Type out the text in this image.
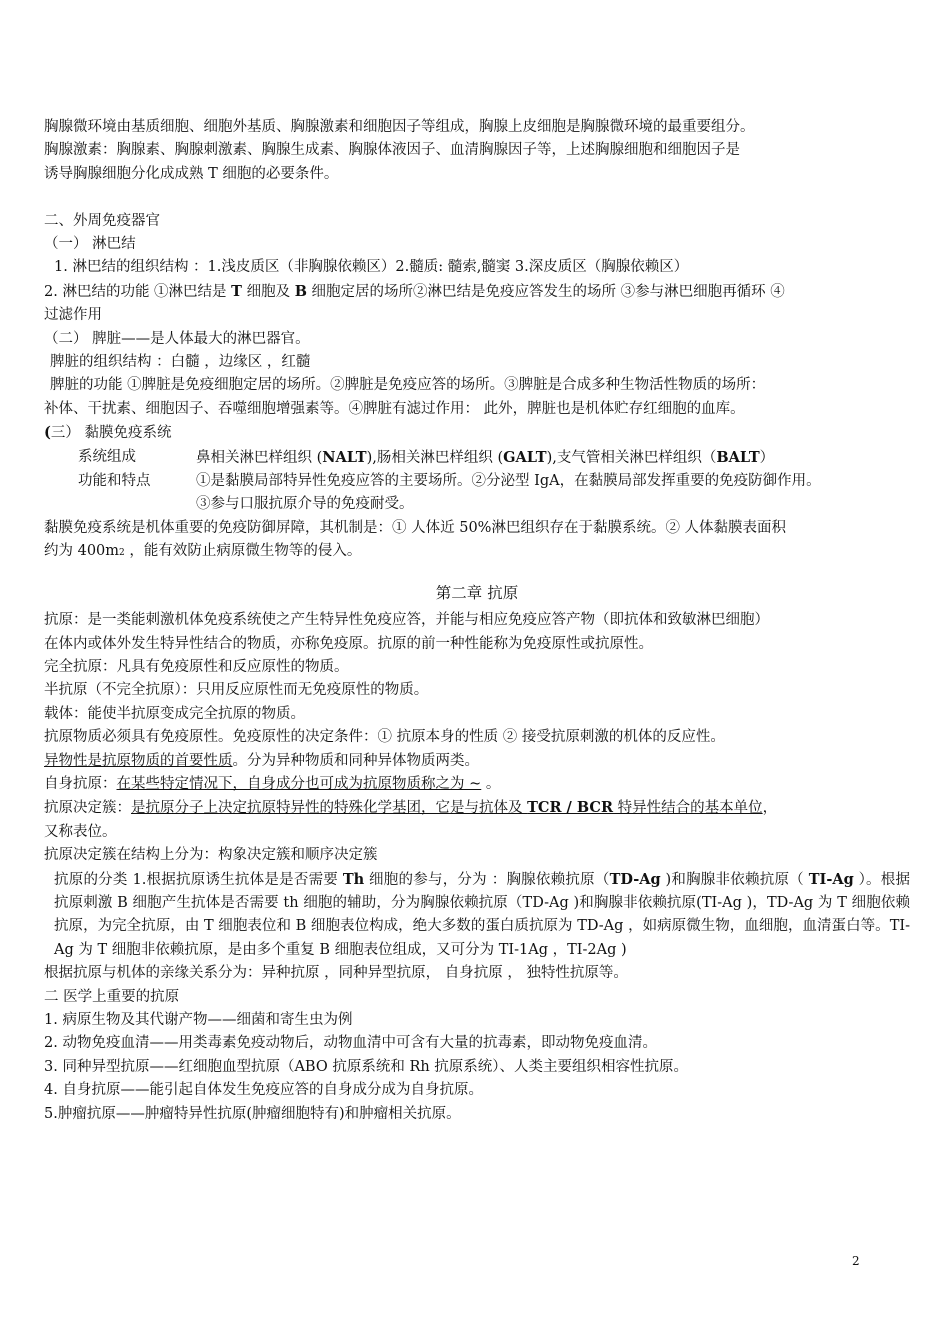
胸腺微环境由基质细胞、细胞外基质、胸腺激素和细胞因子等组成，胸腺上皮细胞是胸腺微环境的最重要组分。

胸腺激素：胸腺素、胸腺刺激素、胸腺生成素、胸腺体液因子、血清胸腺因子等，上述胸腺细胞和细胞因子是

诱导胸腺细胞分化成成熟 T 细胞的必要条件。

二、外周免疫器官

（一） 淋巴结

1. 淋巴结的组织结构 ：1.浅皮质区（非胸腺依赖区）2.髓质: 髓索,髓窦 3.深皮质区（胸腺依赖区）

2. 淋巴结的功能 ①淋巴结是 T 细胞及 B 细胞定居的场所②淋巴结是免疫应答发生的场所 ③参与淋巴细胞再循环 ④

过滤作用

（二） 脾脏——是人体最大的淋巴器官。

脾脏的组织结构 ：白髓 ，边缘区 ，红髓

脾脏的功能 ①脾脏是免疫细胞定居的场所。②脾脏是免疫应答的场所。③脾脏是合成多种生物活性物质的场所：

补体、干扰素、细胞因子、吞噬细胞增强素等。④脾脏有滤过作用： 此外，脾脏也是机体贮存红细胞的血库。

(三） 黏膜免疫系统

系统组成	鼻相关淋巴样组织 (NALT),肠相关淋巴样组织 (GALT),支气管相关淋巴样组织（BALT）
功能和特点	①是黏膜局部特异性免疫应答的主要场所。②分泌型 IgA，在黏膜局部发挥重要的免疫防御作用。

③参与口服抗原介导的免疫耐受。

黏膜免疫系统是机体重要的免疫防御屏障，其机制是：① 人体近 50%淋巴组织存在于黏膜系统。② 人体黏膜表面积

约为 400m2 ，能有效防止病原微生物等的侵入。

第二章 抗原

抗原：是一类能刺激机体免疫系统使之产生特异性免疫应答，并能与相应免疫应答产物（即抗体和致敏淋巴细胞）

在体内或体外发生特异性结合的物质，亦称免疫原。抗原的前一种性能称为免疫原性或抗原性。

完全抗原：凡具有免疫原性和反应原性的物质。

半抗原（不完全抗原）：只用反应原性而无免疫原性的物质。

载体：能使半抗原变成完全抗原的物质。

抗原物质必须具有免疫原性。免疫原性的决定条件：① 抗原本身的性质 ② 接受抗原刺激的机体的反应性。

异物性是抗原物质的首要性质。分为异种物质和同种异体物质两类。

自身抗原：在某些特定情况下，自身成分也可成为抗原物质称之为 ~ 。

抗原决定簇：是抗原分子上决定抗原特异性的特殊化学基团，它是与抗体及 TCR / BCR 特异性结合的基本单位，

又称表位。

抗原决定簇在结构上分为：构象决定簇和顺序决定簇

抗原的分类 1.根据抗原诱生抗体是是否需要 Th 细胞的参与，分为 ：胸腺依赖抗原（TD-Ag )和胸腺非依赖抗原（ TI-Ag ）。根据抗原刺激 B 细胞产生抗体是否需要 th 细胞的辅助，分为胸腺依赖抗原（TD-Ag )和胸腺非依赖抗原(TI-Ag )，TD-Ag 为 T 细胞依赖抗原，为完全抗原，由 T 细胞表位和 B 细胞表位构成，绝大多数的蛋白质抗原为 TD-Ag ，如病原微生物，血细胞，血清蛋白等。TI-Ag 为 T 细胞非依赖抗原，是由多个重复 B 细胞表位组成，又可分为 TI-1Ag ，TI-2Ag )

根据抗原与机体的亲缘关系分为：异种抗原 ，同种异型抗原， 自身抗原 ， 独特性抗原等。

二 医学上重要的抗原

1. 病原生物及其代谢产物——细菌和寄生虫为例

2. 动物免疫血清——用类毒素免疫动物后，动物血清中可含有大量的抗毒素，即动物免疫血清。

3. 同种异型抗原——红细胞血型抗原（ABO 抗原系统和 Rh 抗原系统）、人类主要组织相容性抗原。

4. 自身抗原——能引起自体发生免疫应答的自身成分成为自身抗原。

5.肿瘤抗原——肿瘤特异性抗原(肿瘤细胞特有)和肿瘤相关抗原。

2
